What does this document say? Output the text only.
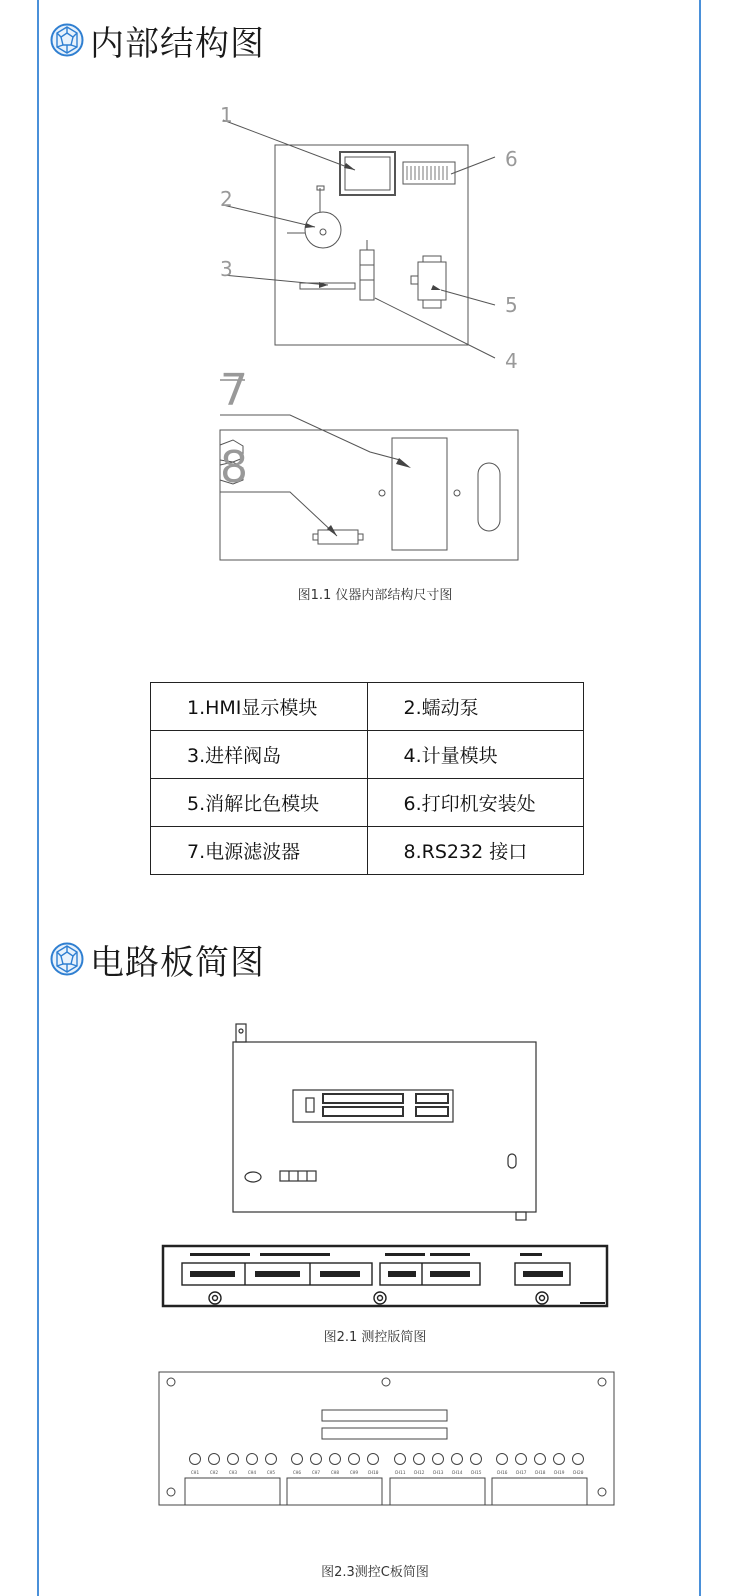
内部结构图
1
2
3
4
5
6
7
8
图1.1 仪器内部结构尺寸图
1.HMI显示模块	2.蠕动泵
3.进样阀岛	4.计量模块
5.消解比色模块	6.打印机安装处
7.电源滤波器	8.RS232 接口
电路板简图
图2.1 测控版简图
CH1 CH2 CH3 CH4 CH5	CH6 CH7 CH8 CH9 CH10	CH11 CH12 CH13 CH14 CH15	CH16 CH17 CH18 CH19 CH20
图2.3测控C板简图
